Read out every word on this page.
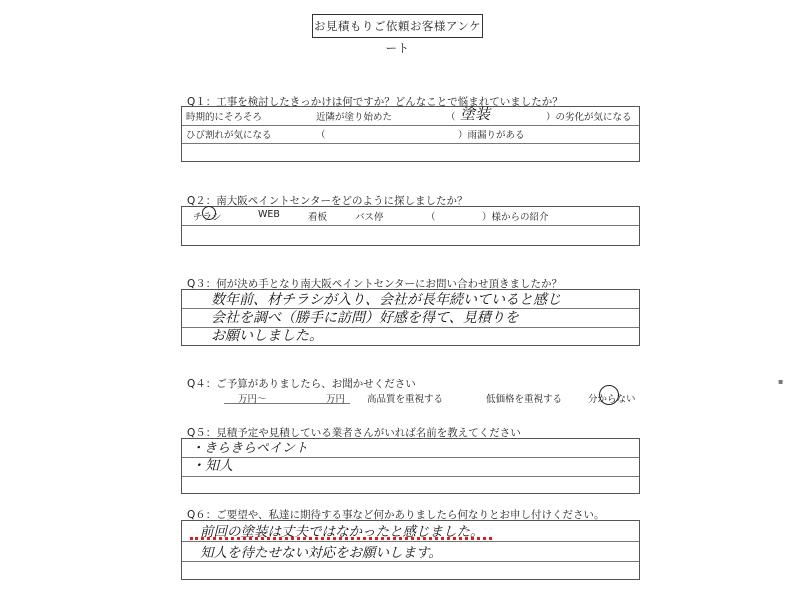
お見積もりご依頼お客様アンケート
Q１：工事を検討したきっかけは何ですか？どんなことで悩まれていましたか？
時期的にそろそろ	近隣が塗り始めた	（ 塗装	）の劣化が気になる
ひび割れが気になる	（	）雨漏りがある
Q２：南大阪ペイントセンターをどのように探しましたか？
チラシ	WEB	看板	バス停	（	）様からの紹介
Q３：何が決め手となり南大阪ペイントセンターにお問い合わせ頂きましたか？
数年前、材チラシが入り、会社が長年続いていると感じ
会社を調べ（勝手に訪問）好感を得て、見積りを
お願いしました。
Q４：ご予算がありましたら、お聞かせください
万円～	万円 高品質を重視する	低価格を重視する	分からない
▪
Q５：見積予定や見積している業者さんがいれば名前を教えてください
・きらきらペイント
・知人
Q６：ご要望や、私達に期待する事など何かありましたら何なりとお申し付けください。
前回の塗装は丈夫ではなかったと感じました。
知人を待たせない対応をお願いします。
